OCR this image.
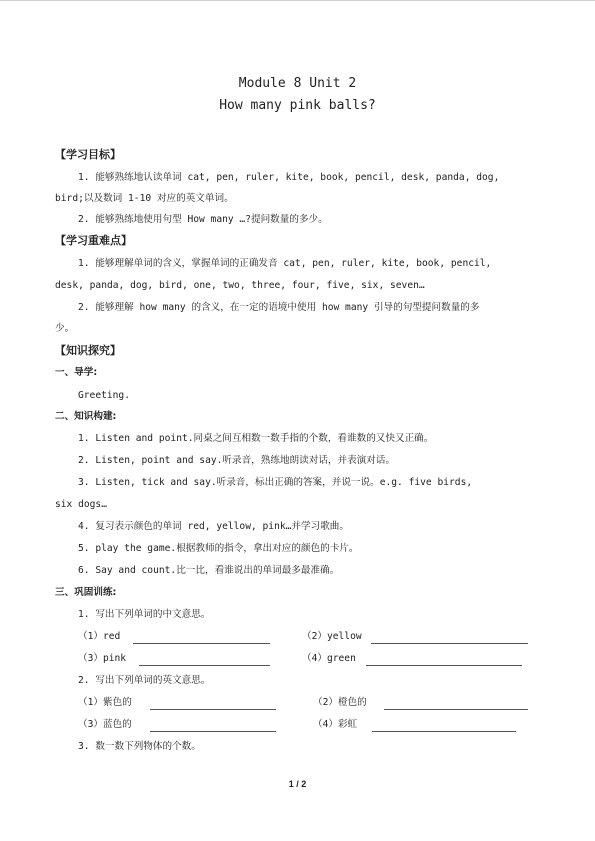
Module 8 Unit 2
How many pink balls?
【学习目标】
1. 能够熟练地认读单词 cat, pen, ruler, kite, book, pencil, desk, panda, dog,
bird;以及数词 1-10 对应的英文单词。
2. 能够熟练地使用句型 How many …?提问数量的多少。
【学习重难点】
1. 能够理解单词的含义，掌握单词的正确发音 cat, pen, ruler, kite, book, pencil,
desk, panda, dog, bird, one, two, three, four, five, six, seven…
2. 能够理解 how many 的含义，在一定的语境中使用 how many 引导的句型提问数量的多
少。
【知识探究】
一、导学:
Greeting.
二、知识构建:
1. Listen and point.同桌之间互相数一数手指的个数，看谁数的又快又正确。
2. Listen, point and say.听录音，熟练地朗读对话，并表演对话。
3. Listen, tick and say.听录音，标出正确的答案，并说一说。e.g. five birds,
six dogs…
4. 复习表示颜色的单词 red, yellow, pink…并学习歌曲。
5. play the game.根据教师的指令，拿出对应的颜色的卡片。
6. Say and count.比一比，看谁说出的单词最多最准确。
三、巩固训练:
1. 写出下列单词的中文意思。
（1）red	（2）yellow
（3）pink	（4）green
2. 写出下列单词的英文意思。
（1）紫色的	（2）橙色的
（3）蓝色的	（4）彩虹
3. 数一数下列物体的个数。
1 / 2
